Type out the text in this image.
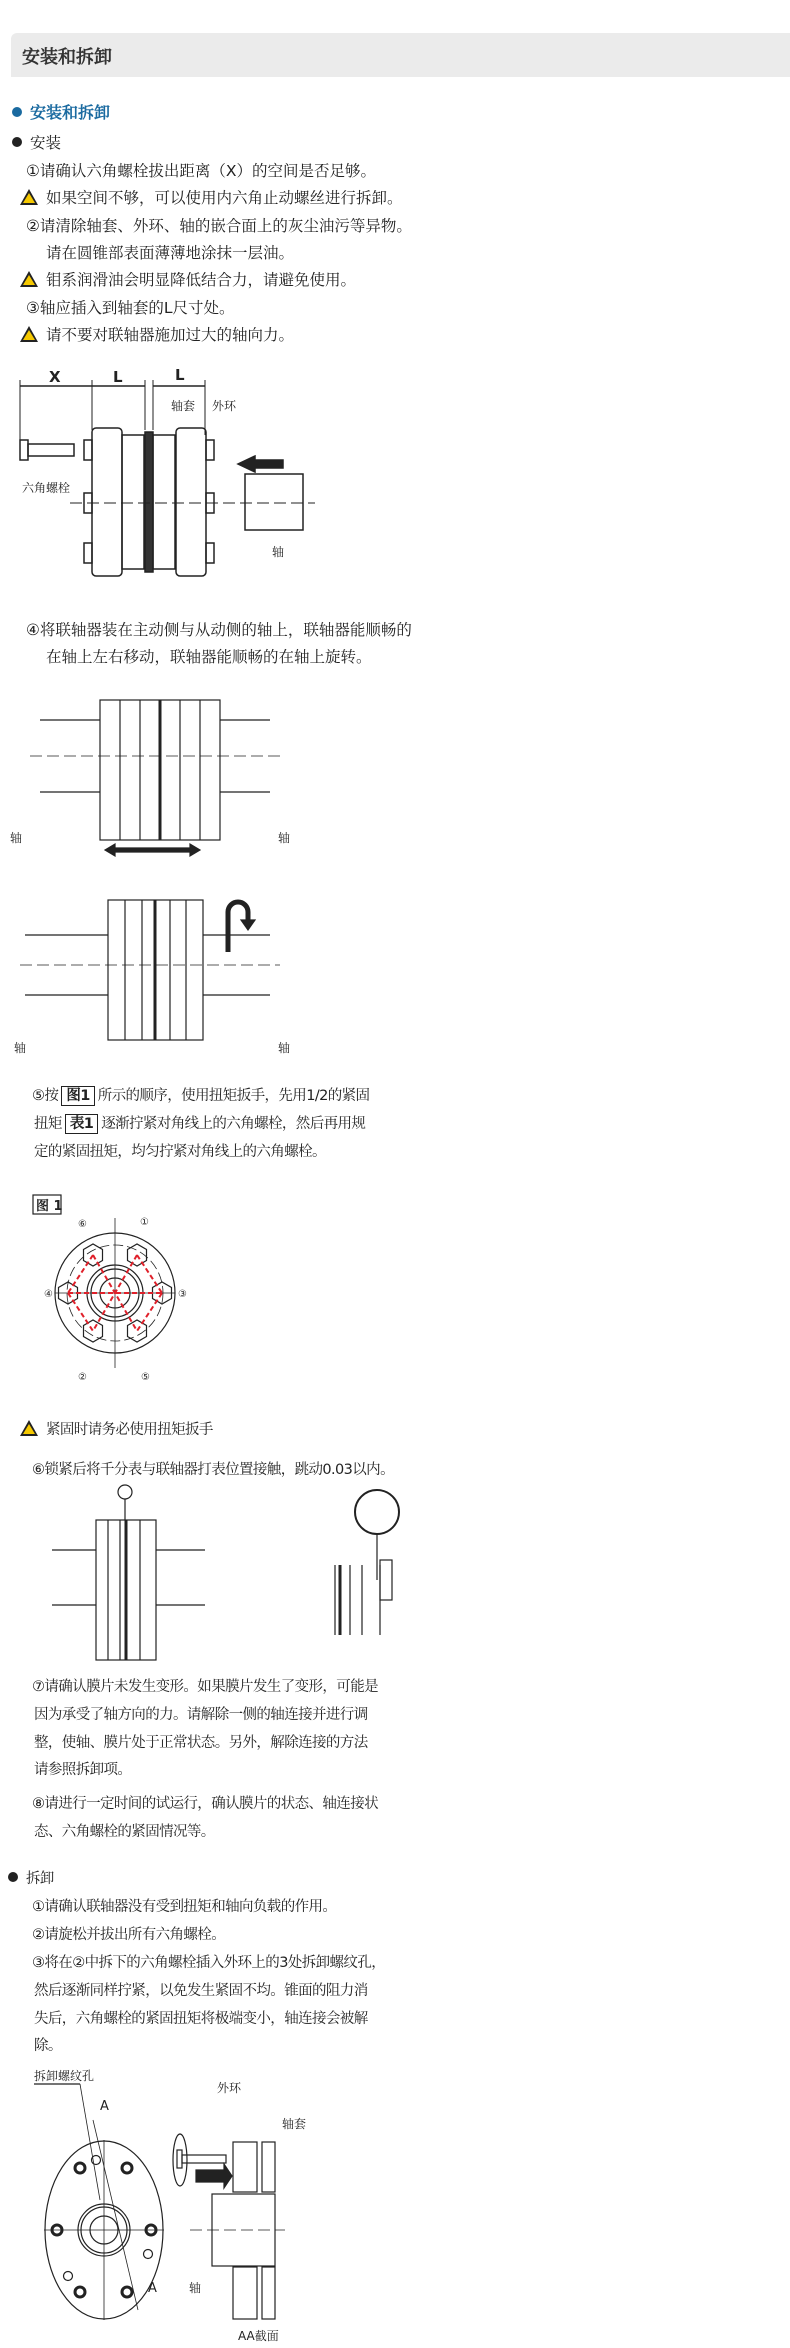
安装和拆卸
安装和拆卸
安装
①请确认六角螺栓拔出距离（X）的空间是否足够。
如果空间不够，可以使用内六角止动螺丝进行拆卸。
②请清除轴套、外环、轴的嵌合面上的灰尘油污等异物。
请在圆锥部表面薄薄地涂抹一层油。
钼系润滑油会明显降低结合力，请避免使用。
③轴应插入到轴套的L尺寸处。
请不要对联轴器施加过大的轴向力。
X	L	L
轴套 外环
六角螺栓
轴
④将联轴器装在主动侧与从动侧的轴上，联轴器能顺畅的
在轴上左右移动，联轴器能顺畅的在轴上旋转。
轴	轴
轴	轴
⑤按 图1 所示的顺序，使用扭矩扳手，先用1/2的紧固
扭矩 表1 逐渐拧紧对角线上的六角螺栓，然后再用规
定的紧固扭矩，均匀拧紧对角线上的六角螺栓。
图 1
①
②
③
④
⑤
⑥
紧固时请务必使用扭矩扳手
⑥锁紧后将千分表与联轴器打表位置接触，跳动0.03以内。
⑦请确认膜片未发生变形。如果膜片发生了变形，可能是
因为承受了轴方向的力。请解除一侧的轴连接并进行调
整，使轴、膜片处于正常状态。另外，解除连接的方法
请参照拆卸项。
⑧请进行一定时间的试运行，确认膜片的状态、轴连接状
态、六角螺栓的紧固情况等。
拆卸
①请确认联轴器没有受到扭矩和轴向负载的作用。
②请旋松并拔出所有六角螺栓。
③将在②中拆下的六角螺栓插入外环上的3处拆卸螺纹孔，
然后逐渐同样拧紧，以免发生紧固不均。锥面的阻力消
失后，六角螺栓的紧固扭矩将极端变小，轴连接会被解
除。
拆卸螺纹孔
A
A
外环
轴套
轴
AA截面
